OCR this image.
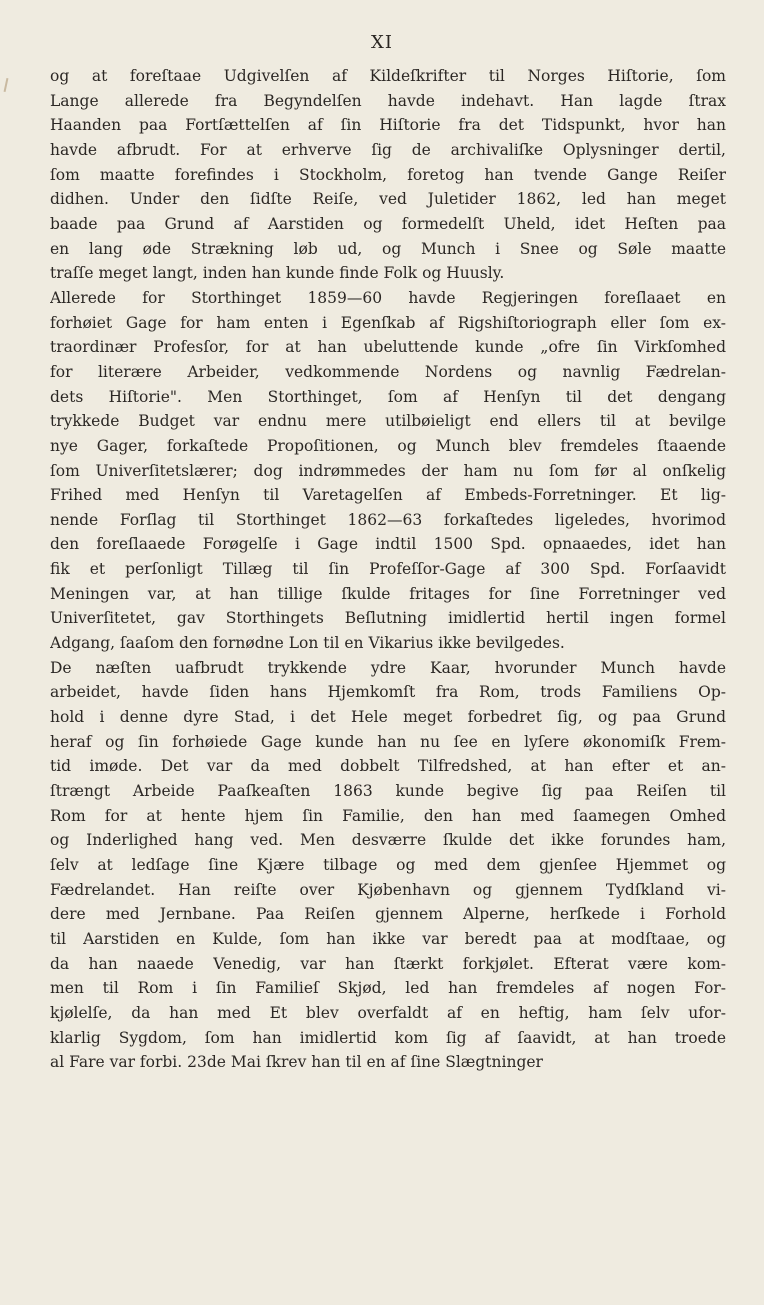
XI
og at foreſtaae Udgivelſen af Kildeſkrifter til Norges Hiſtorie, ſom
Lange allerede fra Begyndelſen havde indehavt. Han lagde ſtrax
Haanden paa Fortſættelſen af ſin Hiſtorie fra det Tidspunkt, hvor han
havde afbrudt. For at erhverve ſig de archivaliſke Oplysninger dertil,
ſom maatte forefindes i Stockholm, foretog han tvende Gange Reiſer
didhen. Under den ſidſte Reiſe, ved Juletider 1862, led han meget
baade paa Grund af Aarstiden og formedelſt Uheld, idet Heſten paa
en lang øde Strækning løb ud, og Munch i Snee og Søle maatte
traſſe meget langt, inden han kunde finde Folk og Huusly.
Allerede for Storthinget 1859—60 havde Regjeringen foreſlaaet en
forhøiet Gage for ham enten i Egenſkab af Rigshiſtoriograph eller ſom ex-
traordinær Profesſor, for at han ubeluttende kunde „ofre ſin Virkſomhed
for literære Arbeider, vedkommende Nordens og navnlig Fædrelan-
dets Hiſtorie". Men Storthinget, ſom af Henſyn til det dengang
trykkede Budget var endnu mere utilbøieligt end ellers til at bevilge
nye Gager, forkaſtede Propoſitionen, og Munch blev fremdeles ſtaaende
ſom Univerſitetslærer; dog indrømmedes der ham nu ſom før al onſkelig
Frihed med Henſyn til Varetagelſen af Embeds-Forretninger. Et lig-
nende Forſlag til Storthinget 1862—63 forkaſtedes ligeledes, hvorimod
den foreſlaaede Forøgelſe i Gage indtil 1500 Spd. opnaaedes, idet han
fik et perſonligt Tillæg til ſin Profeſſor-Gage af 300 Spd. Forſaavidt
Meningen var, at han tillige ſkulde fritages for ſine Forretninger ved
Univerſitetet, gav Storthingets Beſlutning imidlertid hertil ingen formel
Adgang, ſaaſom den fornødne Lon til en Vikarius ikke bevilgedes.
De næſten uafbrudt trykkende ydre Kaar, hvorunder Munch havde
arbeidet, havde ſiden hans Hjemkomſt fra Rom, trods Familiens Op-
hold i denne dyre Stad, i det Hele meget forbedret ſig, og paa Grund
heraf og ſin forhøiede Gage kunde han nu ſee en lyſere økonomiſk Frem-
tid imøde. Det var da med dobbelt Tilfredshed, at han efter et an-
ſtrængt Arbeide Paaſkeaſten 1863 kunde begive ſig paa Reiſen til
Rom for at hente hjem ſin Familie, den han med ſaamegen Omhed
og Inderlighed hang ved. Men desværre ſkulde det ikke forundes ham,
ſelv at ledſage ſine Kjære tilbage og med dem gjenſee Hjemmet og
Fædrelandet. Han reiſte over Kjøbenhavn og gjennem Tydſkland vi-
dere med Jernbane. Paa Reiſen gjennem Alperne, herſkede i Forhold
til Aarstiden en Kulde, ſom han ikke var beredt paa at modſtaae, og
da han naaede Venedig, var han ſtærkt forkjølet. Efterat være kom-
men til Rom i ſin Familieſ Skjød, led han fremdeles af nogen For-
kjølelſe, da han med Et blev overfaldt af en heftig, ham ſelv ufor-
klarlig Sygdom, ſom han imidlertid kom ſig af ſaavidt, at han troede
al Fare var forbi. 23de Mai ſkrev han til en af ſine Slægtninger
